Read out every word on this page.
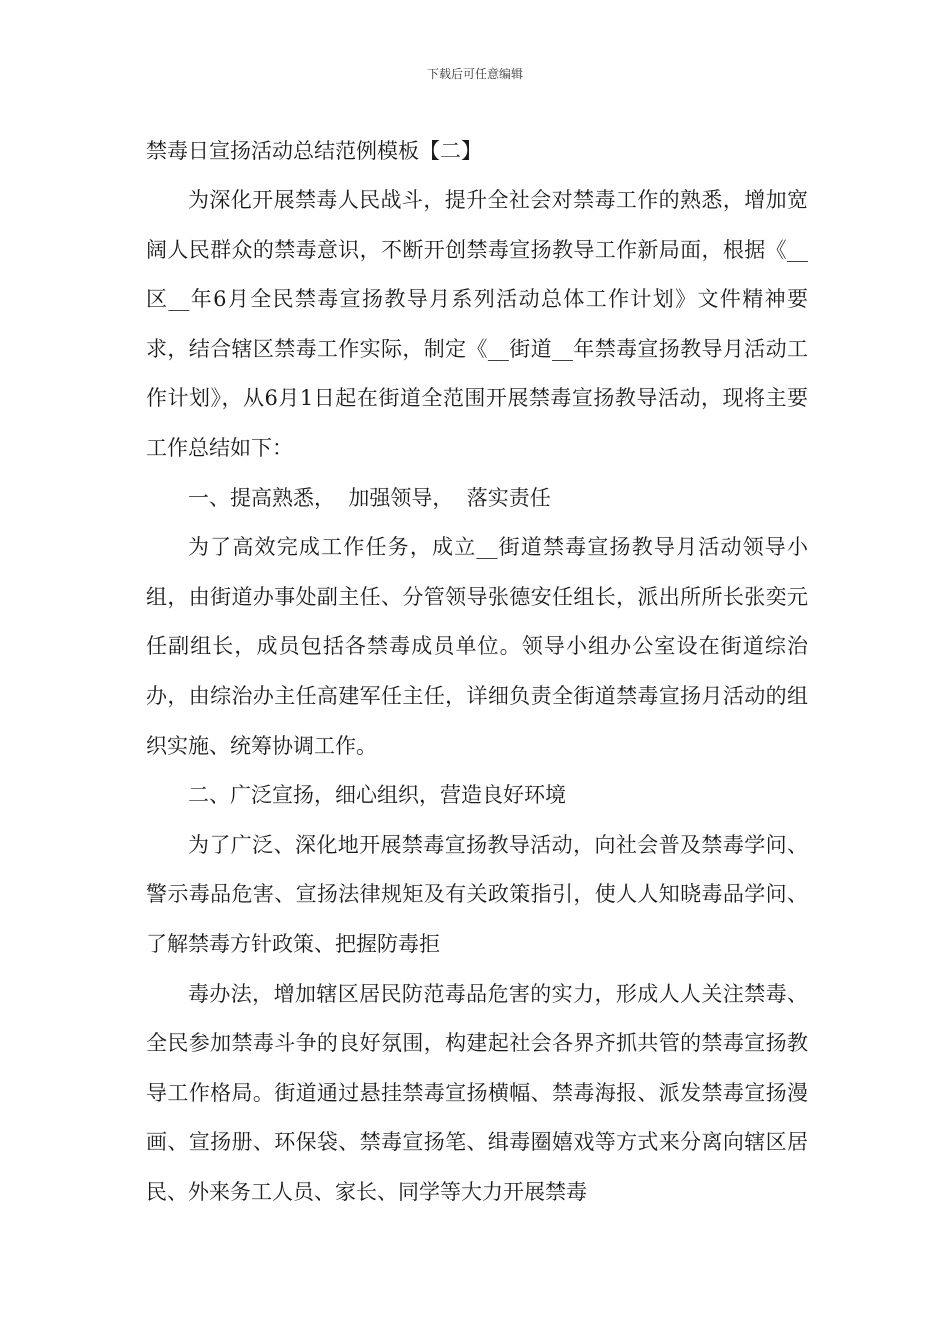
下载后可任意编辑
禁毒日宣扬活动总结范例模板【二】

为深化开展禁毒人民战斗，提升全社会对禁毒工作的熟悉，增加宽阔人民群众的禁毒意识，不断开创禁毒宣扬教导工作新局面，根据《__区__年6月全民禁毒宣扬教导月系列活动总体工作计划》文件精神要求，结合辖区禁毒工作实际，制定《__街道__年禁毒宣扬教导月活动工作计划》，从6月1日起在街道全范围开展禁毒宣扬教导活动，现将主要工作总结如下：

一、提高熟悉，  加强领导，  落实责任

为了高效完成工作任务，成立__街道禁毒宣扬教导月活动领导小组，由街道办事处副主任、分管领导张德安任组长，派出所所长张奕元任副组长，成员包括各禁毒成员单位。领导小组办公室设在街道综治办，由综治办主任高建军任主任，详细负责全街道禁毒宣扬月活动的组织实施、统筹协调工作。

二、广泛宣扬，细心组织，营造良好环境

为了广泛、深化地开展禁毒宣扬教导活动，向社会普及禁毒学问、警示毒品危害、宣扬法律规矩及有关政策指引，使人人知晓毒品学问、了解禁毒方针政策、把握防毒拒

毒办法，增加辖区居民防范毒品危害的实力，形成人人关注禁毒、全民参加禁毒斗争的良好氛围，构建起社会各界齐抓共管的禁毒宣扬教导工作格局。街道通过悬挂禁毒宣扬横幅、禁毒海报、派发禁毒宣扬漫画、宣扬册、环保袋、禁毒宣扬笔、缉毒圈嬉戏等方式来分离向辖区居民、外来务工人员、家长、同学等大力开展禁毒
